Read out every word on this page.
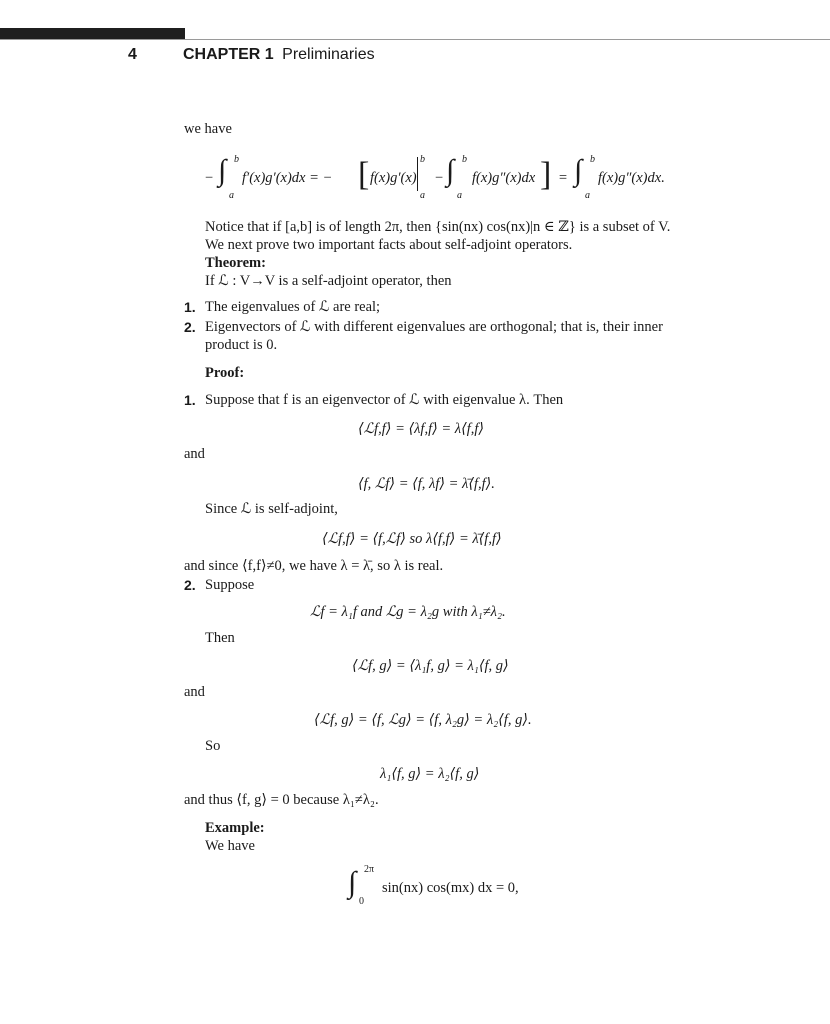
4	CHAPTER 1 Preliminaries
we have
− ∫ b
a
f′(x)g′(x)dx = − [ f(x)g′(x)
b
a
− ∫ b
a
f(x)g″(x)dx ] = ∫ b
a
f(x)g″(x)dx.
Notice that if [a,b] is of length 2π, then {sin(nx) cos(nx)|n ∈ ℤ} is a subset of V.
We next prove two important facts about self-adjoint operators.
Theorem:
If ℒ : V→V is a self-adjoint operator, then
1. The eigenvalues of ℒ are real;
2. Eigenvectors of ℒ with different eigenvalues are orthogonal; that is, their inner
product is 0.
Proof:
1. Suppose that f is an eigenvector of ℒ with eigenvalue λ. Then
⟨ℒf,f⟩ = ⟨λf,f⟩ = λ⟨f,f⟩
and
⟨f, ℒf⟩ = ⟨f, λf⟩ = λ̄⟨f,f⟩.
Since ℒ is self-adjoint,
⟨ℒf,f⟩ = ⟨f,ℒf⟩ so λ⟨f,f⟩ = λ̄⟨f,f⟩
and since ⟨f,f⟩≠0, we have λ = λ̄, so λ is real.
2. Suppose
ℒf = λ₁f and ℒg = λ₂g with λ₁≠λ₂.
Then
⟨ℒf, g⟩ = ⟨λ₁f, g⟩ = λ₁⟨f, g⟩
and
⟨ℒf, g⟩ = ⟨f, ℒg⟩ = ⟨f, λ₂g⟩ = λ₂⟨f, g⟩.
So
λ₁⟨f, g⟩ = λ₂⟨f, g⟩
and thus ⟨f, g⟩ = 0 because λ₁≠λ₂.
Example:
We have
∫ 2π
0
sin(nx) cos(mx) dx = 0,
